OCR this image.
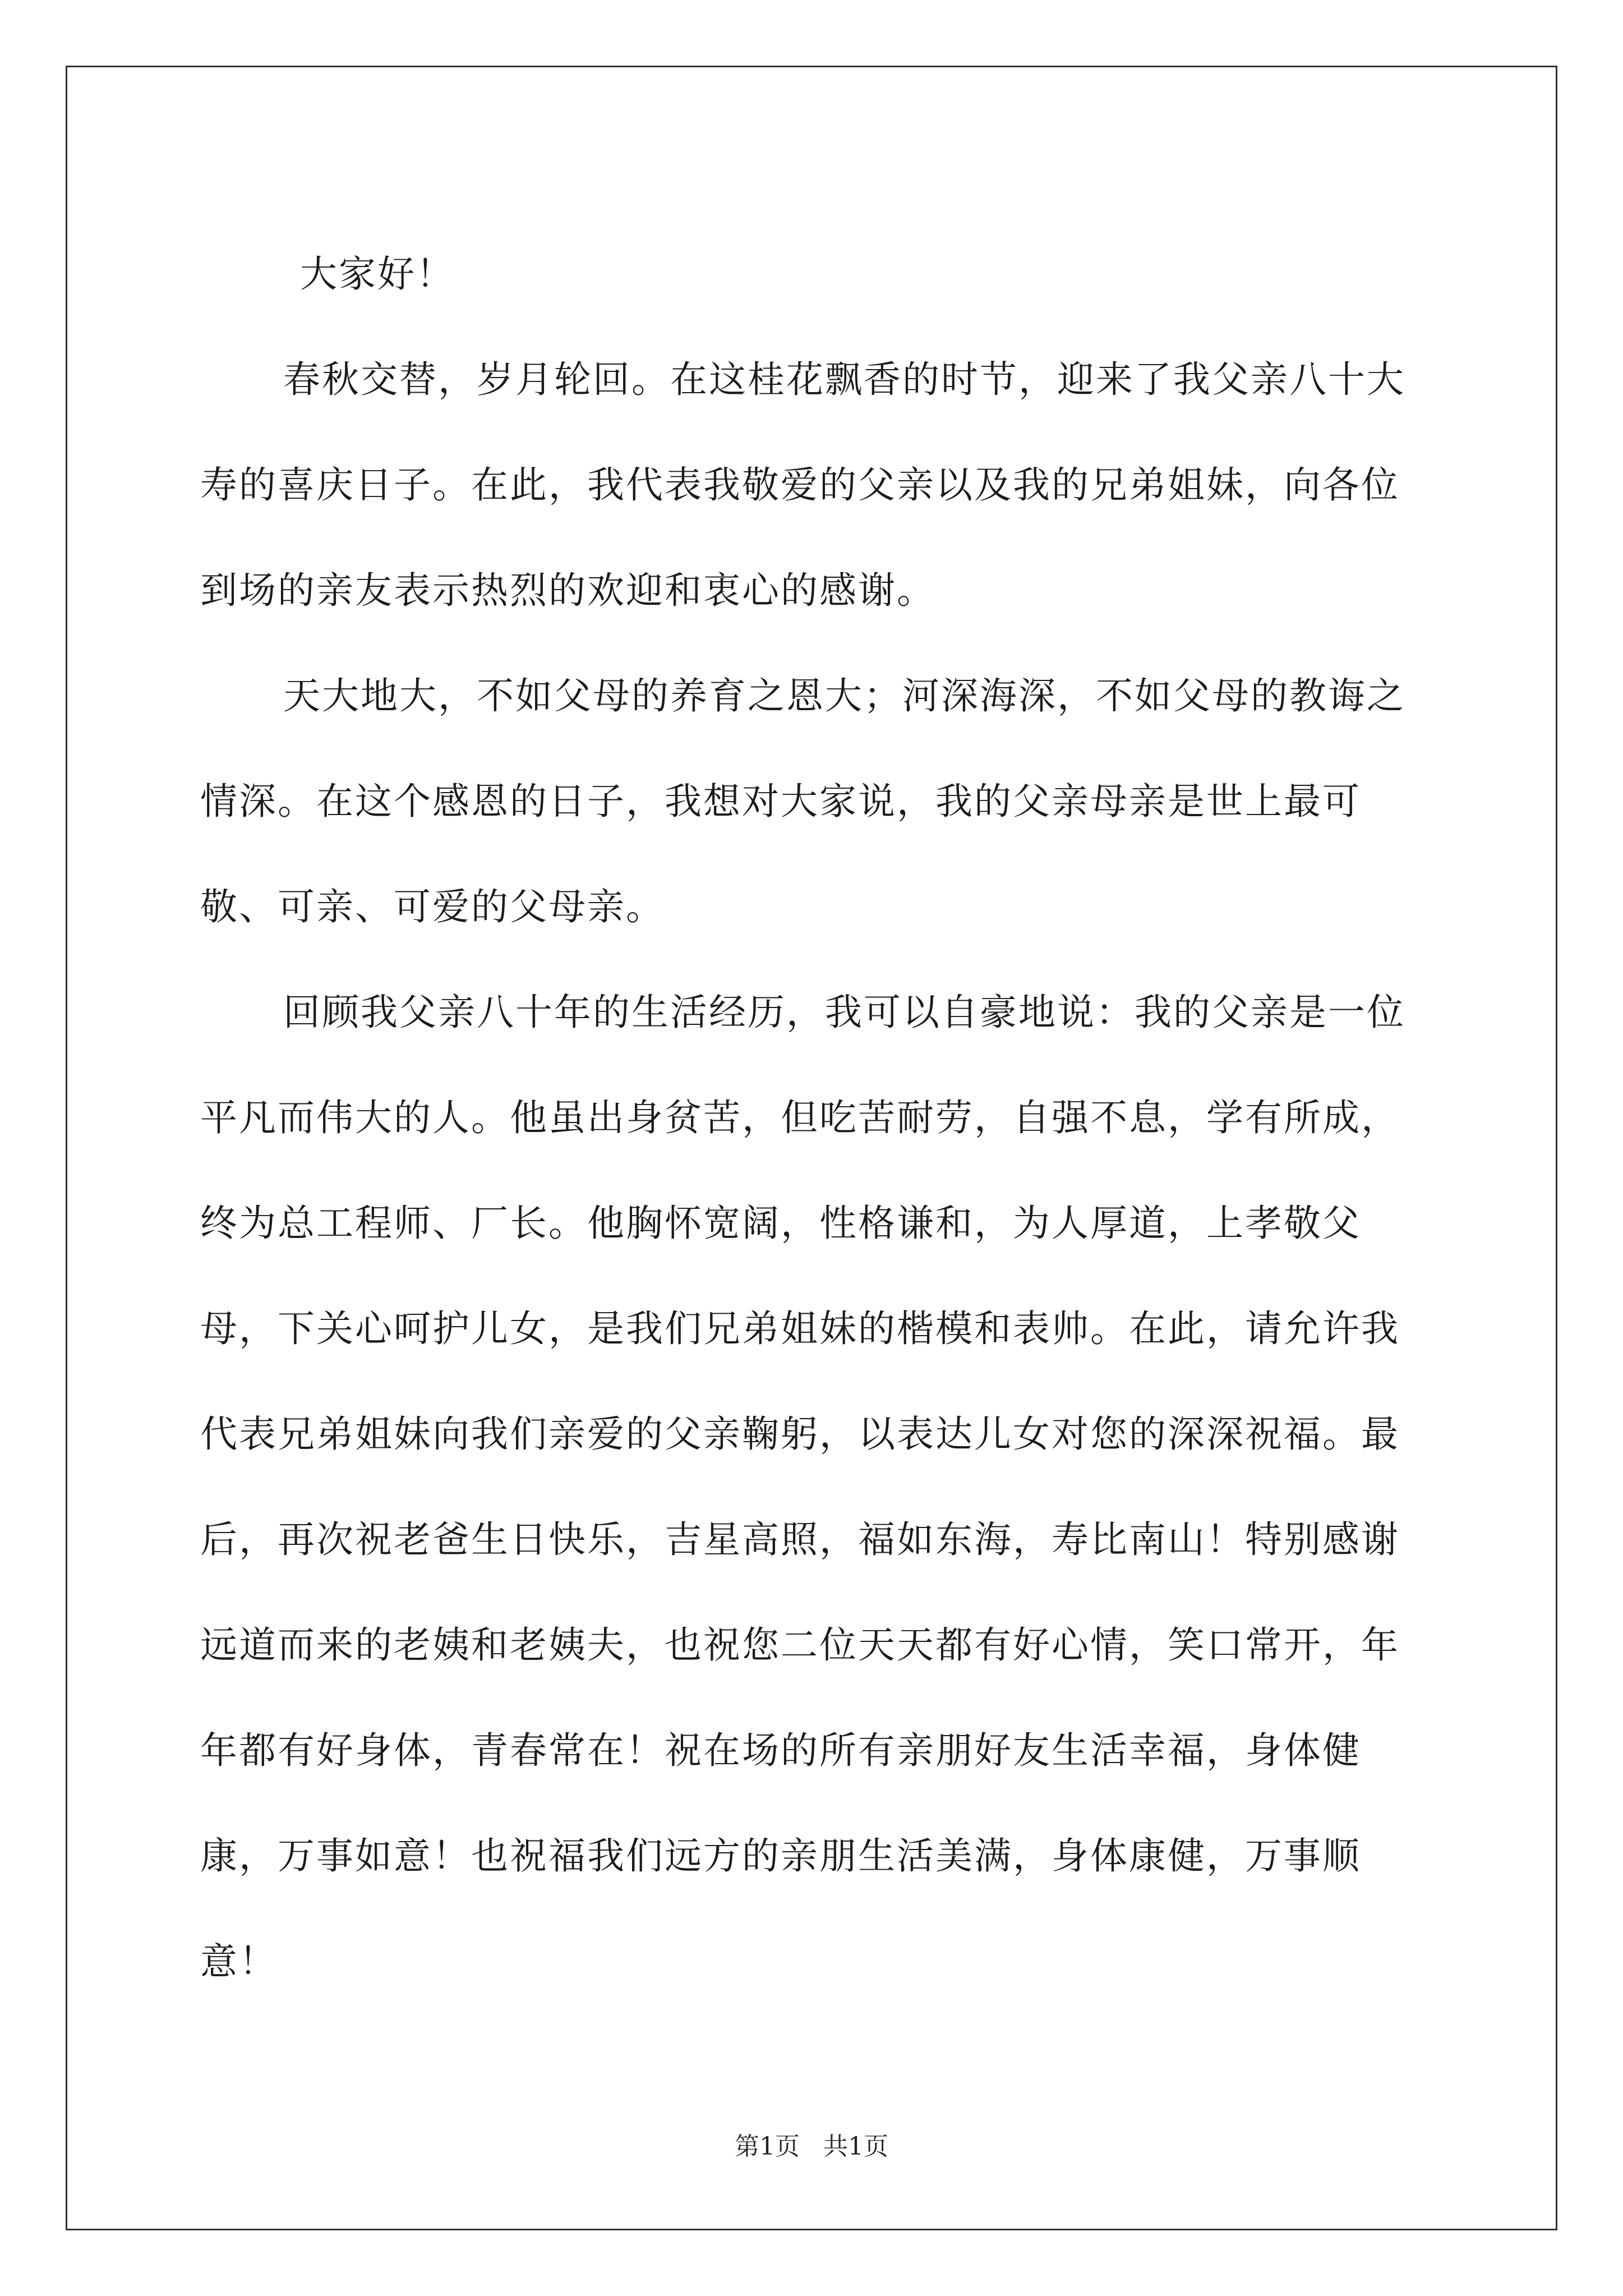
大家好！

春秋交替，岁月轮回。在这桂花飘香的时节，迎来了我父亲八十大寿的喜庆日子。在此，我代表我敬爱的父亲以及我的兄弟姐妹，向各位到场的亲友表示热烈的欢迎和衷心的感谢。

天大地大，不如父母的养育之恩大；河深海深，不如父母的教诲之情深。在这个感恩的日子，我想对大家说，我的父亲母亲是世上最可敬、可亲、可爱的父母亲。

回顾我父亲八十年的生活经历，我可以自豪地说：我的父亲是一位平凡而伟大的人。他虽出身贫苦，但吃苦耐劳，自强不息，学有所成，终为总工程师、厂长。他胸怀宽阔，性格谦和，为人厚道，上孝敬父母，下关心呵护儿女，是我们兄弟姐妹的楷模和表帅。在此，请允许我代表兄弟姐妹向我们亲爱的父亲鞠躬，以表达儿女对您的深深祝福。最后，再次祝老爸生日快乐，吉星高照，福如东海，寿比南山！特别感谢远道而来的老姨和老姨夫，也祝您二位天天都有好心情，笑口常开，年年都有好身体，青春常在！祝在场的所有亲朋好友生活幸福，身体健康，万事如意！也祝福我们远方的亲朋生活美满，身体康健，万事顺意！

第1页   共1页
